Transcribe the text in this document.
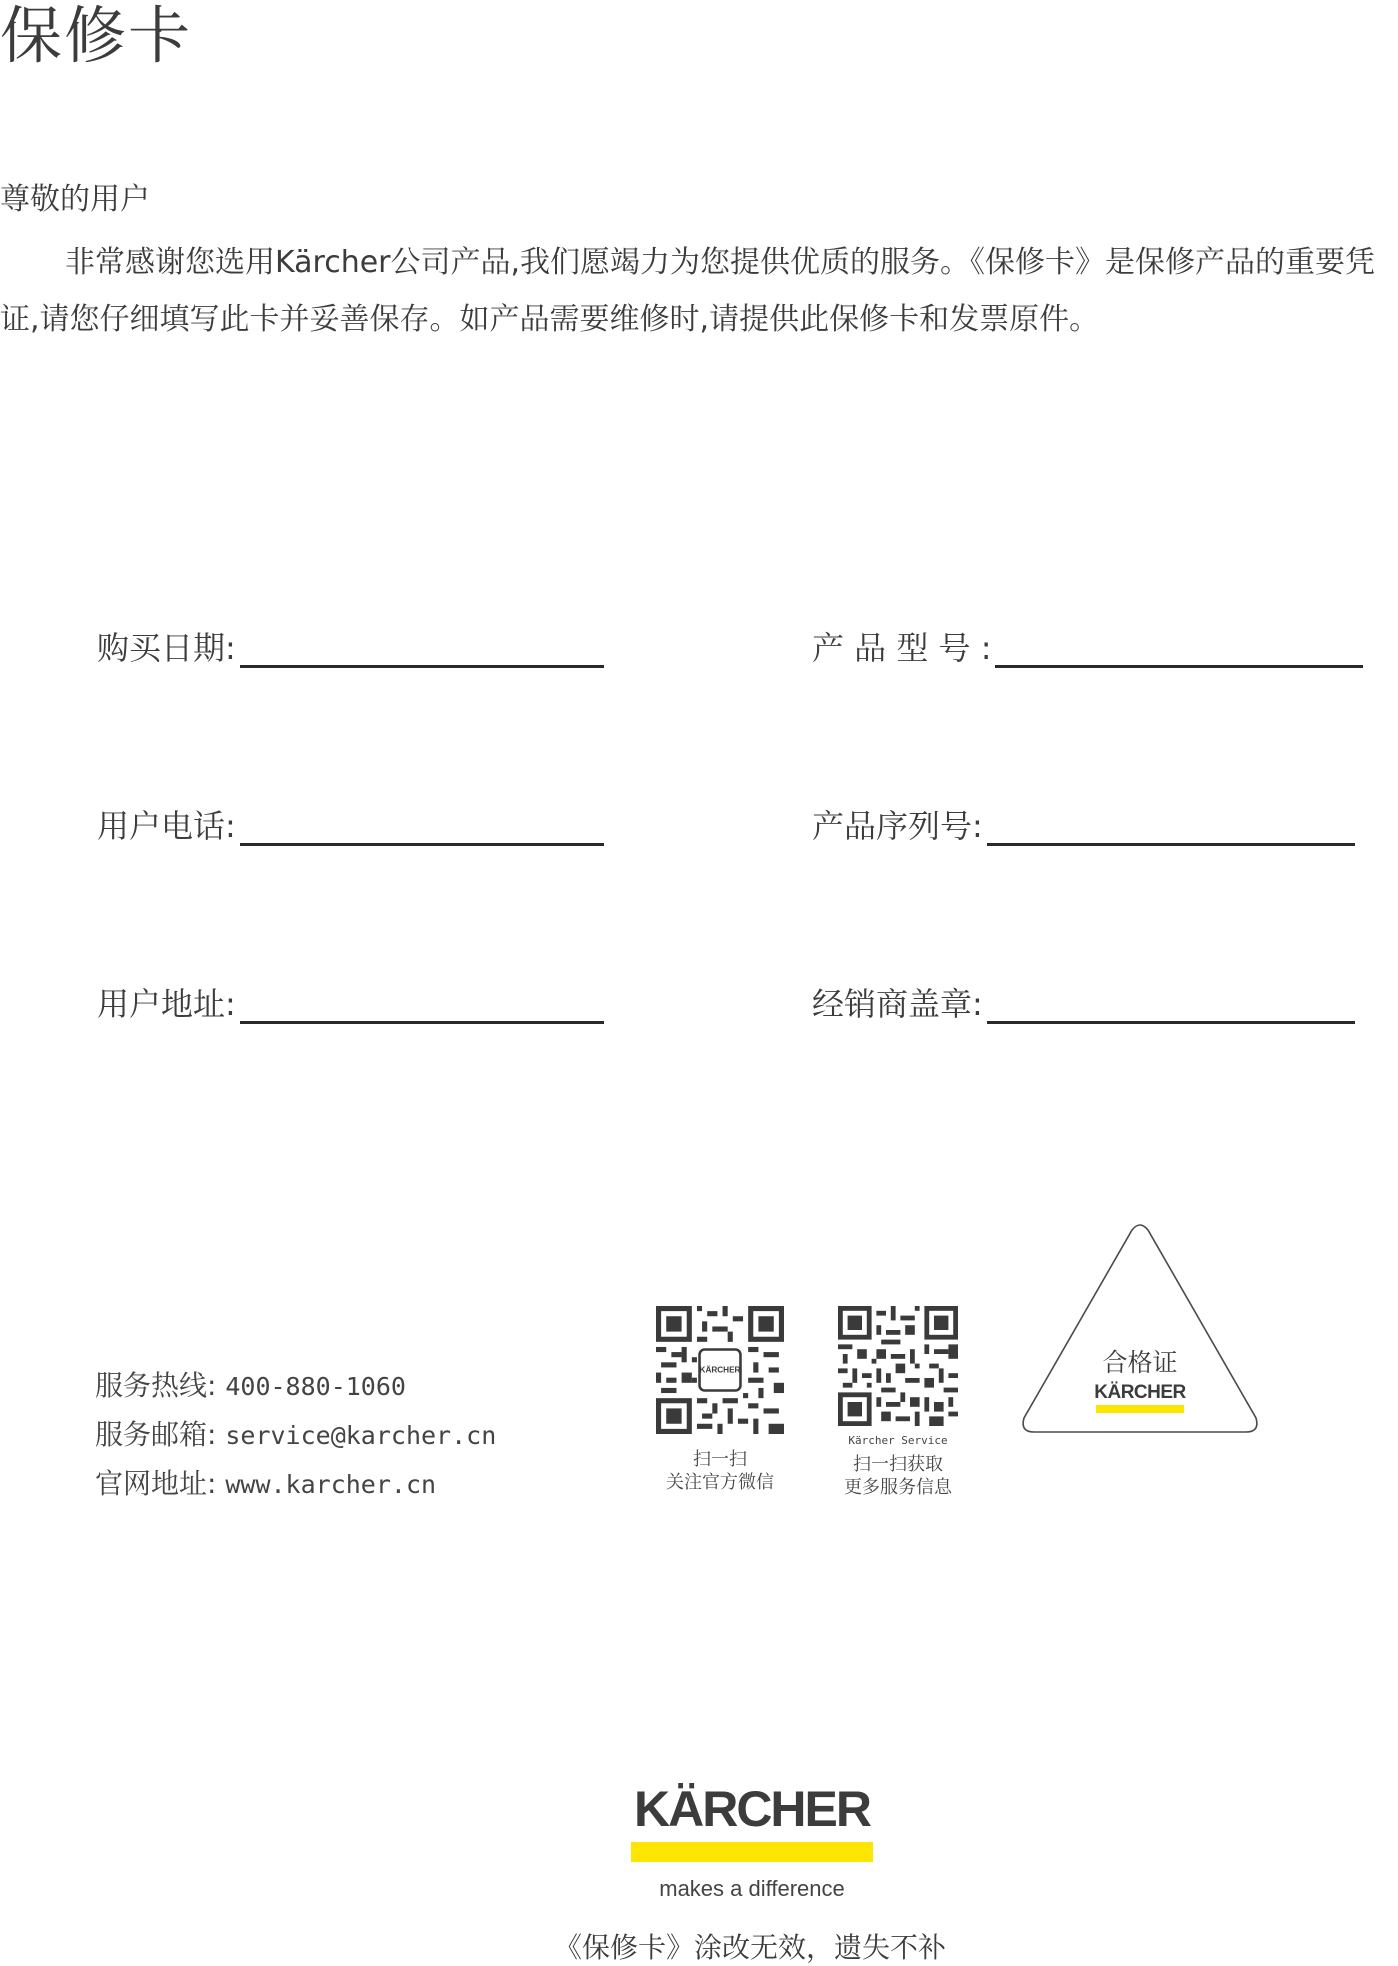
保修卡
尊敬的用户
非常感谢您选用Kärcher公司产品,我们愿竭力为您提供优质的服务。《保修卡》是保修产品的重要凭证,请您仔细填写此卡并妥善保存。如产品需要维修时,请提供此保修卡和发票原件。
购买日期:	产 品 型 号 :
用户电话:	产品序列号:
用户地址:	经销商盖章:
服务热线: 400-880-1060
服务邮箱: service@karcher.cn
官网地址: www.karcher.cn
KÄRCHER
扫一扫
关注官方微信
Kärcher Service
扫一扫获取
更多服务信息
合格证
KÄRCHER
KÄRCHER
makes a difference
《保修卡》涂改无效，遗失不补
